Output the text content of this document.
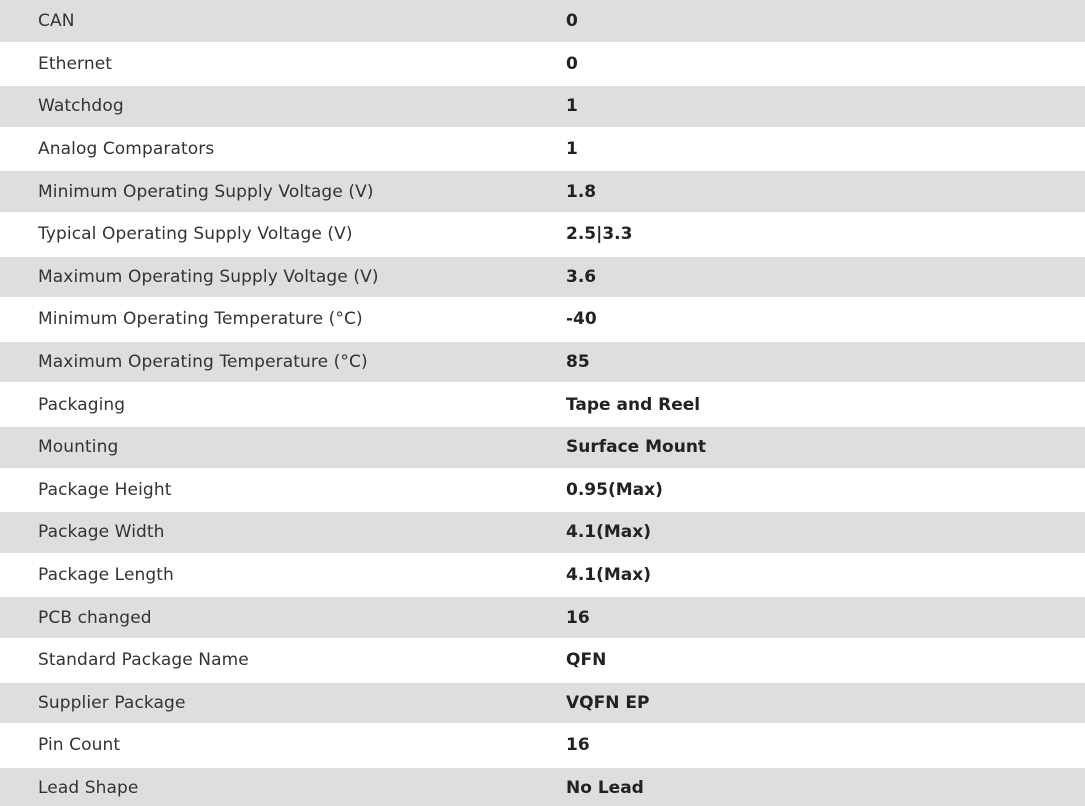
CAN	0
Ethernet	0
Watchdog	1
Analog Comparators	1
Minimum Operating Supply Voltage (V)	1.8
Typical Operating Supply Voltage (V)	2.5|3.3
Maximum Operating Supply Voltage (V)	3.6
Minimum Operating Temperature (°C)	-40
Maximum Operating Temperature (°C)	85
Packaging	Tape and Reel
Mounting	Surface Mount
Package Height	0.95(Max)
Package Width	4.1(Max)
Package Length	4.1(Max)
PCB changed	16
Standard Package Name	QFN
Supplier Package	VQFN EP
Pin Count	16
Lead Shape	No Lead
